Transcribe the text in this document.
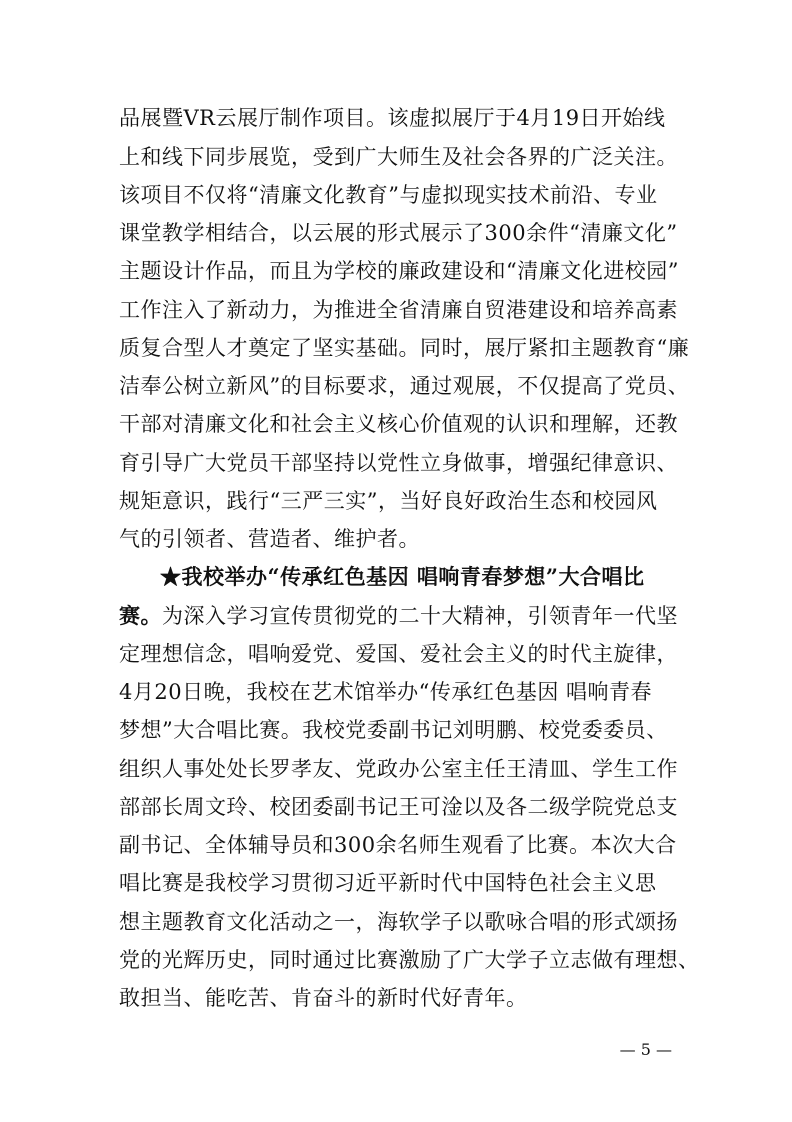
品展暨VR云展厅制作项目。该虚拟展厅于4月19日开始线
上和线下同步展览，受到广大师生及社会各界的广泛关注。
该项目不仅将“清廉文化教育”与虚拟现实技术前沿、专业
课堂教学相结合，以云展的形式展示了300余件“清廉文化”
主题设计作品，而且为学校的廉政建设和“清廉文化进校园”
工作注入了新动力，为推进全省清廉自贸港建设和培养高素
质复合型人才奠定了坚实基础。同时，展厅紧扣主题教育“廉
洁奉公树立新风”的目标要求，通过观展，不仅提高了党员、
干部对清廉文化和社会主义核心价值观的认识和理解，还教
育引导广大党员干部坚持以党性立身做事，增强纪律意识、
规矩意识，践行“三严三实”，当好良好政治生态和校园风
气的引领者、营造者、维护者。
★我校举办“传承红色基因 唱响青春梦想”大合唱比
赛。为深入学习宣传贯彻党的二十大精神，引领青年一代坚
定理想信念，唱响爱党、爱国、爱社会主义的时代主旋律，
4月20日晚，我校在艺术馆举办“传承红色基因 唱响青春
梦想”大合唱比赛。我校党委副书记刘明鹏、校党委委员、
组织人事处处长罗孝友、党政办公室主任王清皿、学生工作
部部长周文玲、校团委副书记王可淦以及各二级学院党总支
副书记、全体辅导员和300余名师生观看了比赛。本次大合
唱比赛是我校学习贯彻习近平新时代中国特色社会主义思
想主题教育文化活动之一，海软学子以歌咏合唱的形式颂扬
党的光辉历史，同时通过比赛激励了广大学子立志做有理想、
敢担当、能吃苦、肯奋斗的新时代好青年。
— 5 —
